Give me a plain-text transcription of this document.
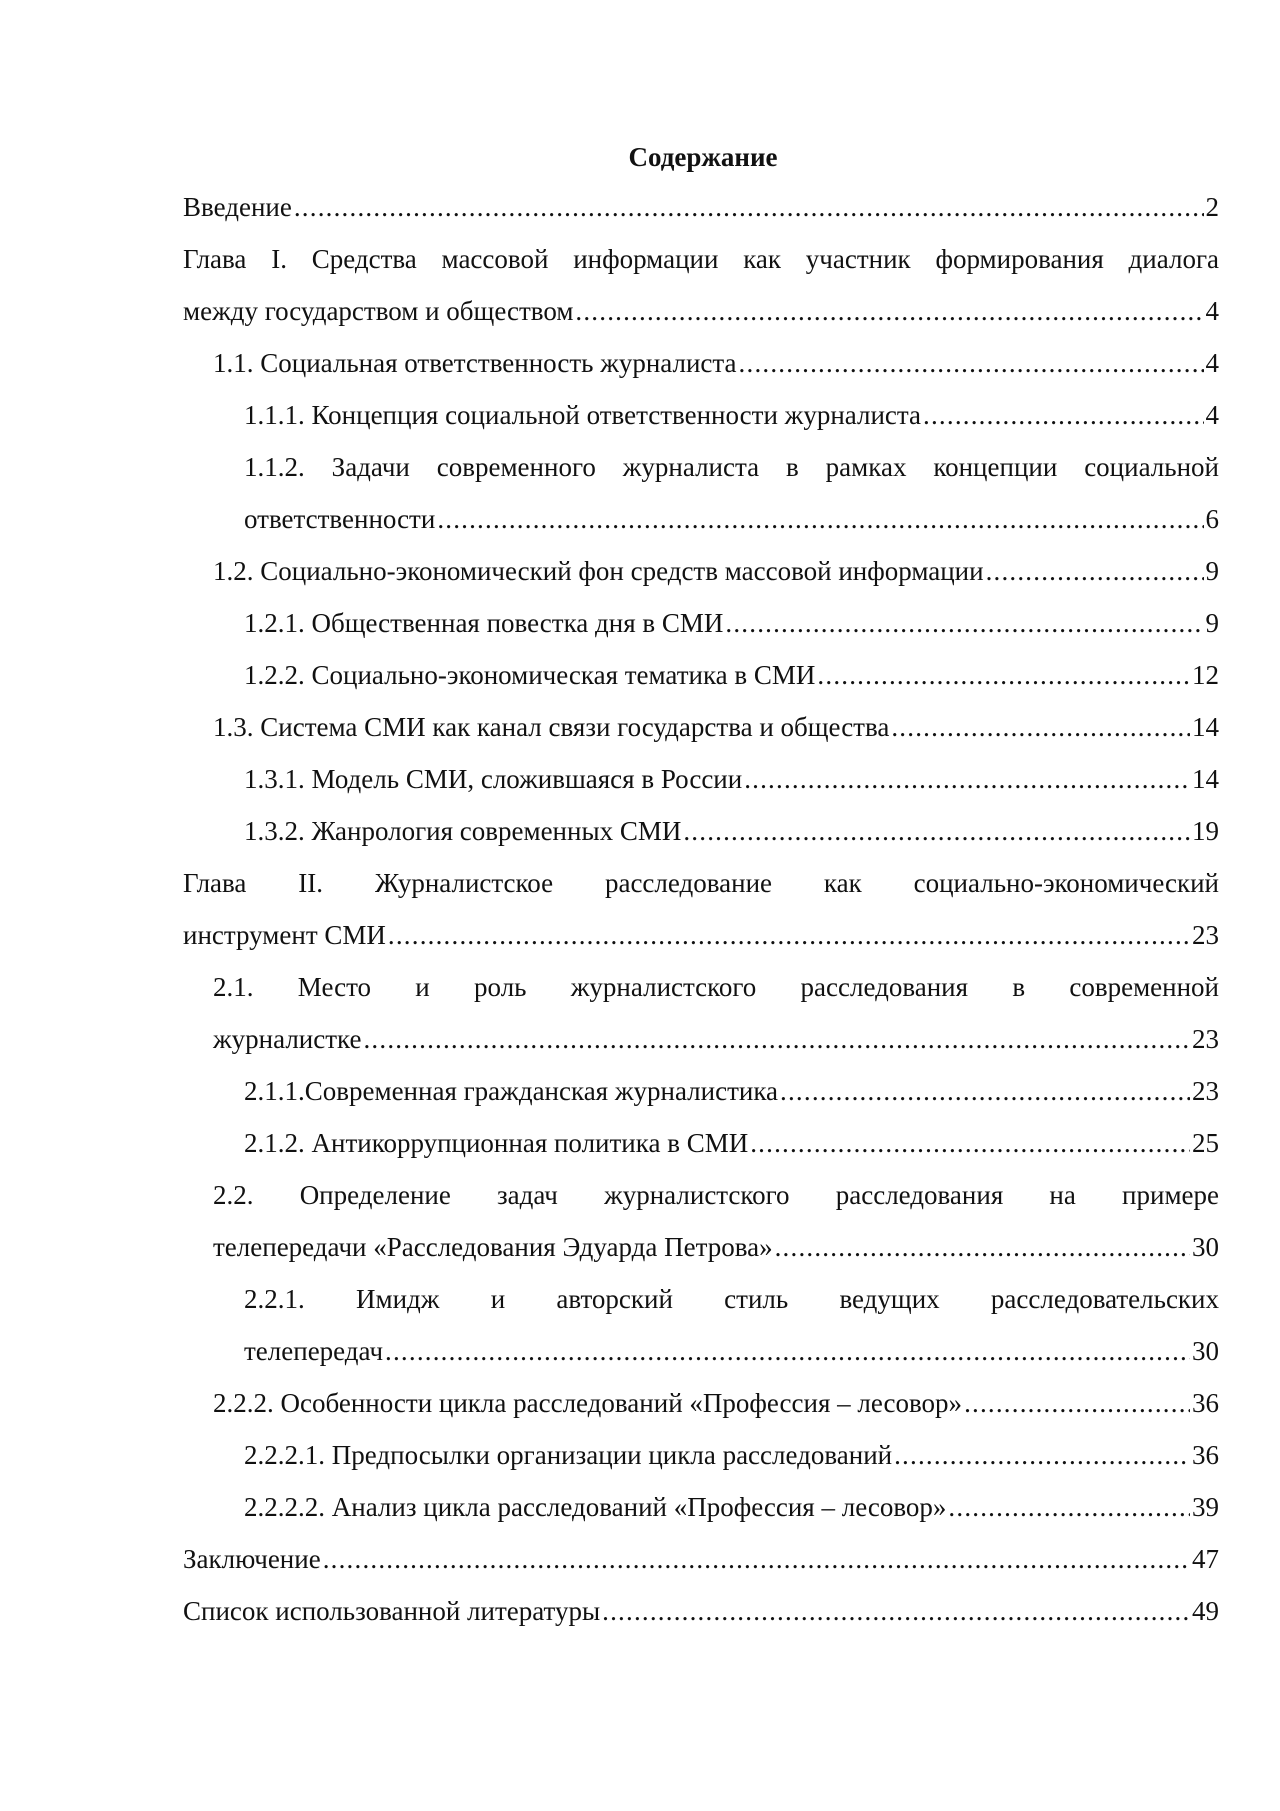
Содержание
Введение .....	2
Глава I. Средства массовой информации как участник формирования диалога
между государством и обществом .....	4
1.1. Социальная ответственность журналиста .....	4
1.1.1. Концепция социальной ответственности журналиста .....	4
1.1.2. Задачи современного журналиста в рамках концепции социальной
ответственности .....	6
1.2. Социально-экономический фон средств массовой информации .....	9
1.2.1. Общественная повестка дня в СМИ .....	9
1.2.2. Социально-экономическая тематика в СМИ .....	12
1.3. Система СМИ как канал связи государства и общества .....	14
1.3.1. Модель СМИ, сложившаяся в России .....	14
1.3.2. Жанрология современных СМИ .....	19
Глава II. Журналистское расследование как социально-экономический
инструмент СМИ .....	23
2.1. Место и роль журналистского расследования в современной
журналистке .....	23
2.1.1.Современная гражданская журналистика .....	23
2.1.2. Антикоррупционная политика в СМИ .....	25
2.2. Определение задач журналистского расследования на примере
телепередачи «Расследования Эдуарда Петрова» .....	30
2.2.1. Имидж и авторский стиль ведущих расследовательских
телепередач .....	30
2.2.2. Особенности цикла расследований «Профессия – лесовор» .....	36
2.2.2.1. Предпосылки организации цикла расследований .....	36
2.2.2.2. Анализ цикла расследований «Профессия – лесовор» .....	39
Заключение .....	47
Список использованной литературы .....	49
